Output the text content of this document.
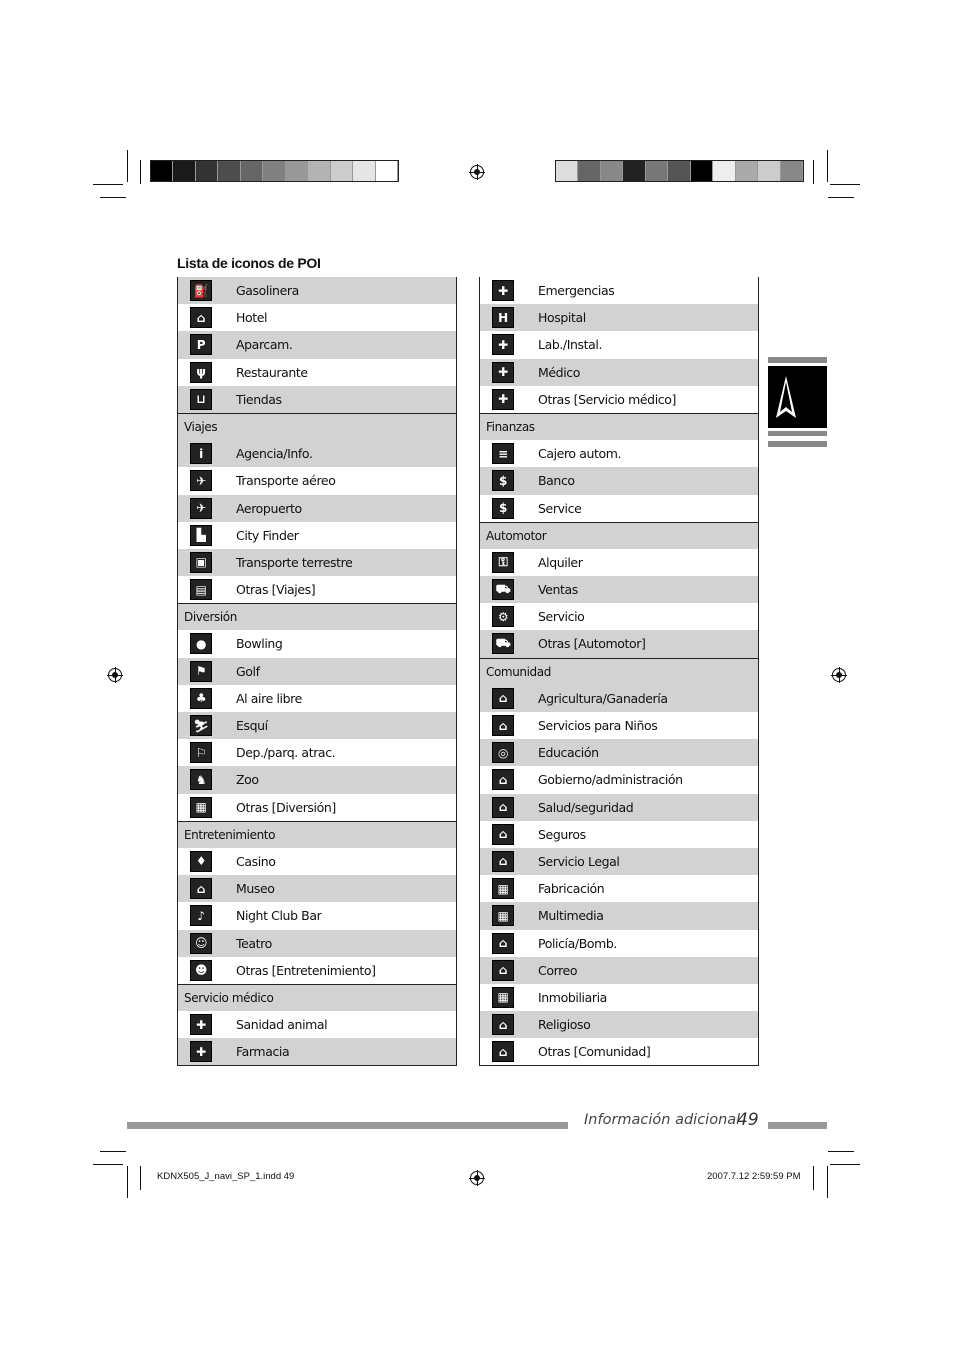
Lista de iconos de POI
⛽ Gasolinera
⌂	Hotel
P	Aparcam.
ψ	Restaurante
⊔	Tiendas
Viajes
i	Agencia/Info.
✈	Transporte aéreo
✈	Aeropuerto
▙	City Finder
▣	Transporte terrestre
▤	Otras [Viajes]
Diversión
●	Bowling
⚑	Golf
♣	Al aire libre
⛷ Esquí
⚐	Dep./parq. atrac.
♞	Zoo
▦	Otras [Diversión]
Entretenimiento
♦	Casino
⌂	Museo
♪	Night Club Bar
☺	Teatro
☻	Otras [Entretenimiento]
Servicio médico
✚	Sanidad animal
✚	Farmacia
✚	Emergencias
H	Hospital
✚	Lab./Instal.
✚	Médico
✚	Otras [Servicio médico]
Finanzas
≡	Cajero autom.
$	Banco
$	Service
Automotor
⚿	Alquiler
⛟ Ventas
⚙	Servicio
⛟ Otras [Automotor]
Comunidad
⌂	Agricultura/Ganadería
⌂	Servicios para Niños
◎	Educación
⌂	Gobierno/administración
⌂	Salud/seguridad
⌂	Seguros
⌂	Servicio Legal
▦	Fabricación
▦	Multimedia
⌂	Policía/Bomb.
⌂	Correo
▦	Inmobiliaria
⌂	Religioso
⌂	Otras [Comunidad]
Información adicional
49
KDNX505_J_navi_SP_1.indd 49	2007.7.12 2:59:59 PM
